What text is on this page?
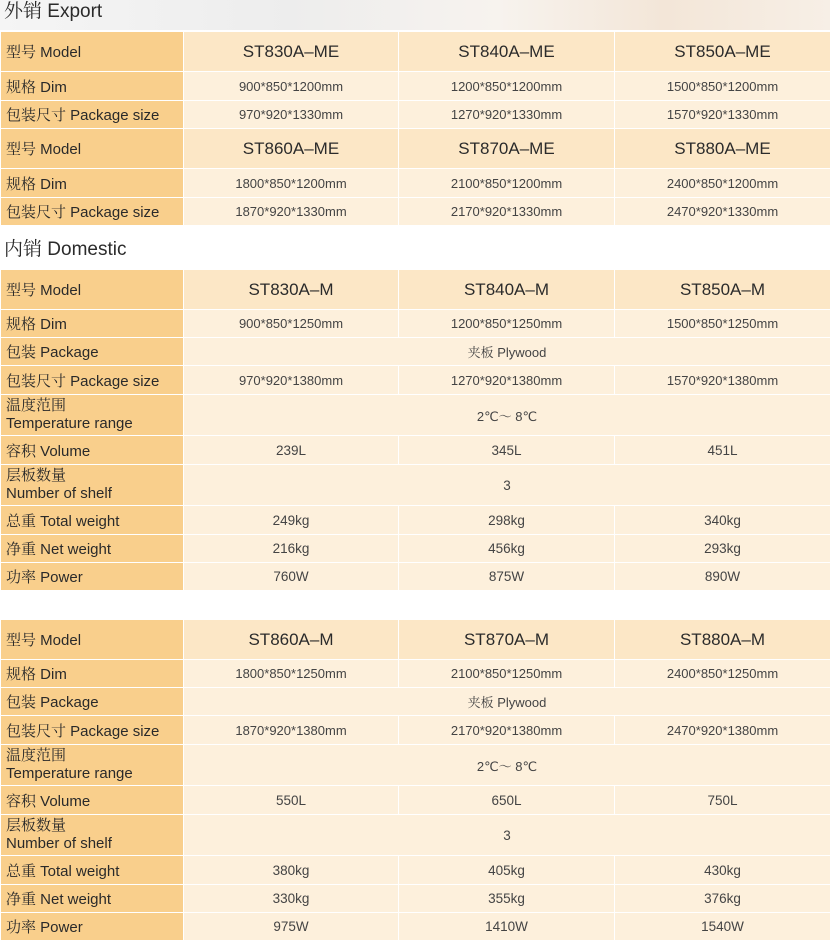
外销 Export
型号 Model	ST830A–ME	ST840A–ME	ST850A–ME
规格 Dim	900*850*1200mm	1200*850*1200mm	1500*850*1200mm
包装尺寸 Package size	970*920*1330mm	1270*920*1330mm	1570*920*1330mm
型号 Model	ST860A–ME	ST870A–ME	ST880A–ME
规格 Dim	1800*850*1200mm	2100*850*1200mm	2400*850*1200mm
包装尺寸 Package size	1870*920*1330mm	2170*920*1330mm	2470*920*1330mm
内销 Domestic
型号 Model	ST830A–M	ST840A–M	ST850A–M
规格 Dim	900*850*1250mm	1200*850*1250mm	1500*850*1250mm
包装 Package	夹板 Plywood		
包装尺寸 Package size	970*920*1380mm	1270*920*1380mm	1570*920*1380mm

温度范围
Temperature range	2℃～ 8℃		
容积 Volume	239L	345L	451L

层板数量
Number of shelf	3		
总重 Total weight	249kg	298kg	340kg
净重 Net weight	216kg	456kg	293kg
功率 Power	760W	875W	890W
型号 Model	ST860A–M	ST870A–M	ST880A–M
规格 Dim	1800*850*1250mm	2100*850*1250mm	2400*850*1250mm
包装 Package	夹板 Plywood		
包装尺寸 Package size	1870*920*1380mm	2170*920*1380mm	2470*920*1380mm

温度范围
Temperature range	2℃～ 8℃		
容积 Volume	550L	650L	750L

层板数量
Number of shelf	3		
总重 Total weight	380kg	405kg	430kg
净重 Net weight	330kg	355kg	376kg
功率 Power	975W	1410W	1540W
